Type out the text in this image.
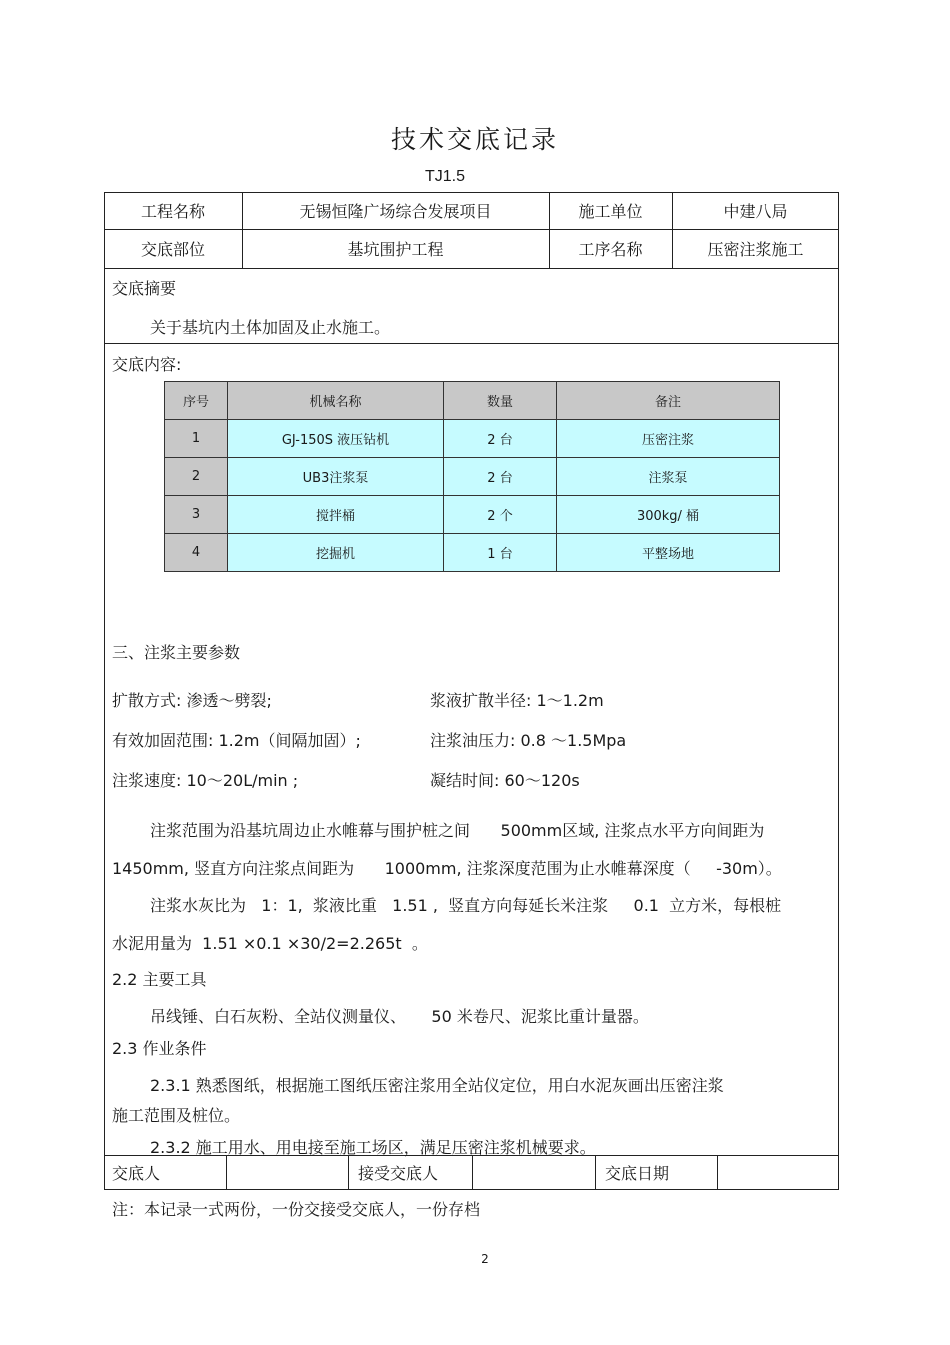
技术交底记录
TJ1.5
工程名称	无锡恒隆广场综合发展项目	施工单位	中建八局
交底部位	基坑围护工程	工序名称	压密注浆施工
交底摘要
关于基坑内土体加固及止水施工。
交底内容:
序号	机械名称	数量	备注
1	GJ-150S 液压钻机	2 台	压密注浆
2	UB3注浆泵	2 台	注浆泵
3	搅拌桶	2 个	300kg/ 桶
4	挖掘机	1 台	平整场地
三、注浆主要参数
扩散方式: 渗透～劈裂;	浆液扩散半径: 1～1.2m
有效加固范围: 1.2m（间隔加固）;	注浆油压力: 0.8 ～1.5Mpa
注浆速度: 10～20L/min ;	凝结时间: 60～120s
注浆范围为沿基坑周边止水帷幕与围护桩之间      500mm区域, 注浆点水平方向间距为
1450mm, 竖直方向注浆点间距为      1000mm, 注浆深度范围为止水帷幕深度（     -30m）。
注浆水灰比为   1：1,  浆液比重   1.51 ,  竖直方向每延长米注浆     0.1  立方米，每根桩
水泥用量为  1.51 ×0.1 ×30/2=2.265t  。
2.2 主要工具
吊线锤、白石灰粉、全站仪测量仪、     50 米卷尺、泥浆比重计量器。
2.3 作业条件
2.3.1 熟悉图纸，根据施工图纸压密注浆用全站仪定位，用白水泥灰画出压密注浆
施工范围及桩位。
2.3.2 施工用水、用电接至施工场区，满足压密注浆机械要求。
交底人	接受交底人	交底日期
注：本记录一式两份，一份交接受交底人，一份存档
2
